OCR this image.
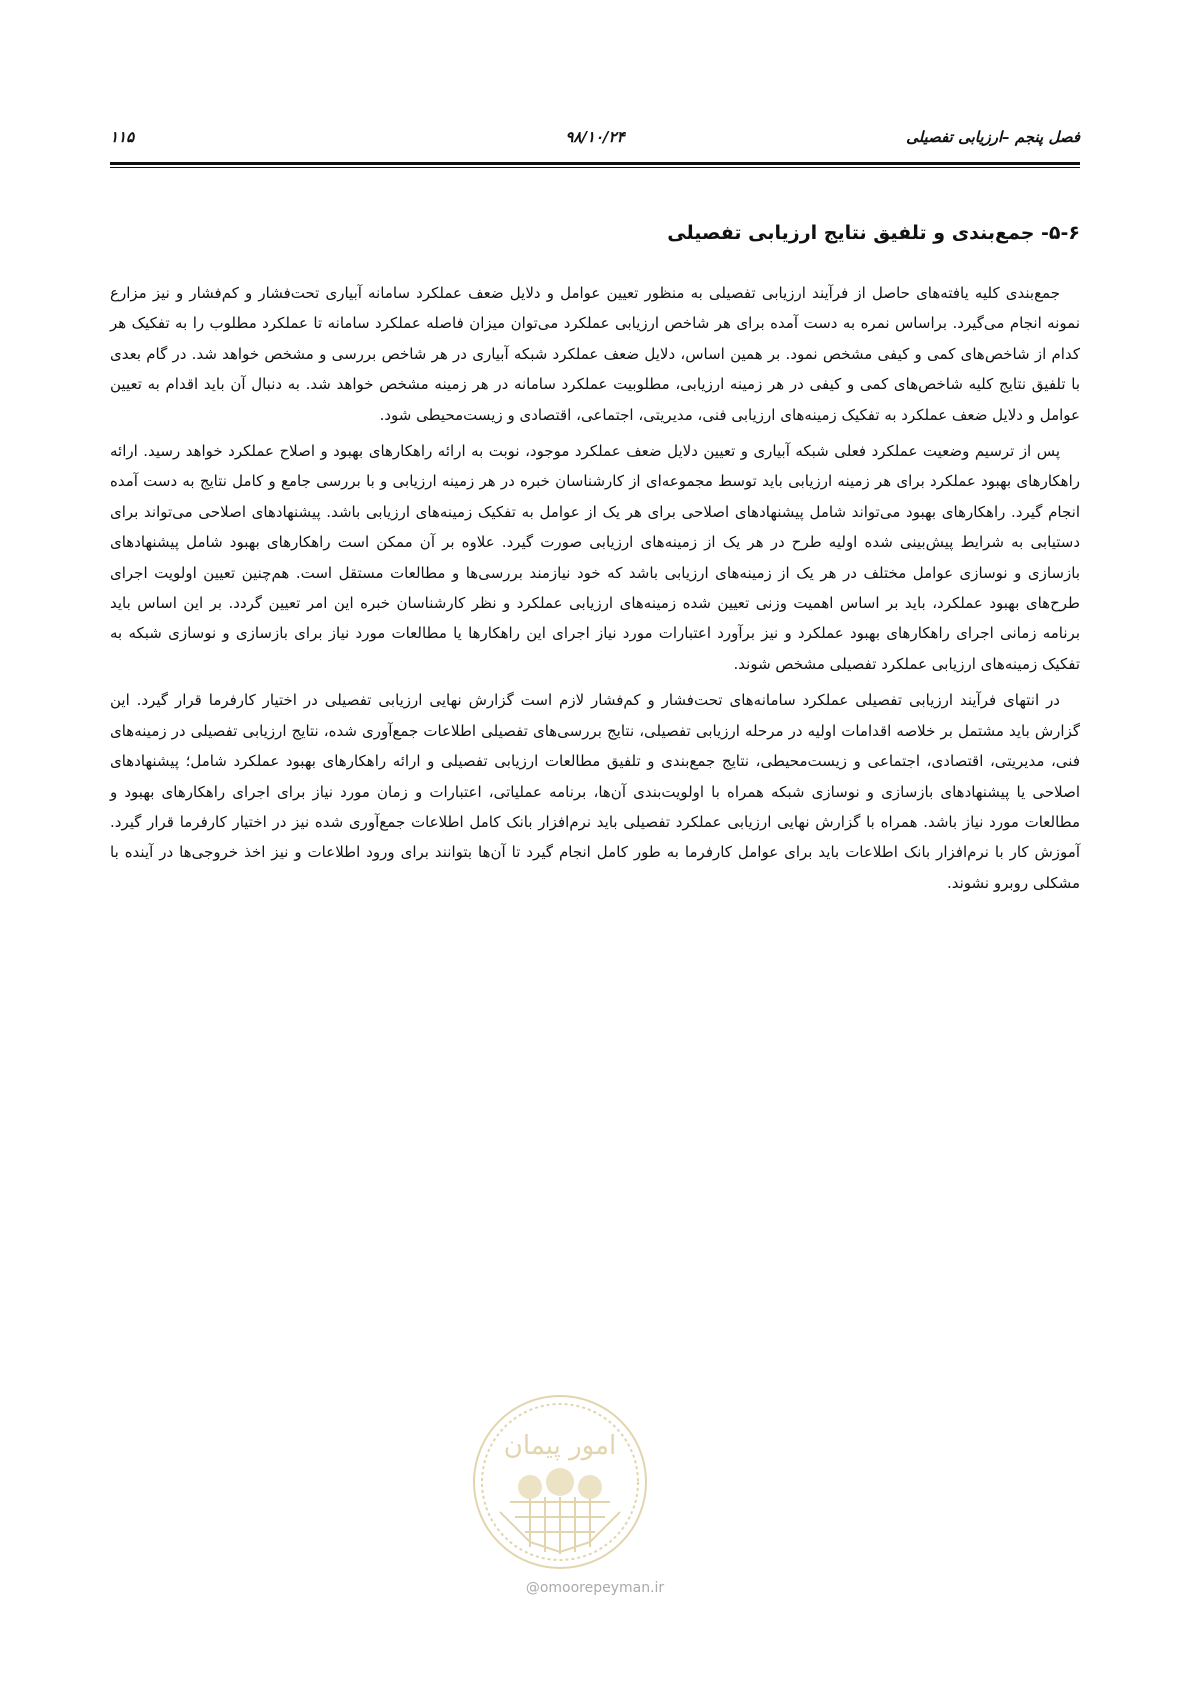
فصل پنجم –ارزیابی تفصیلی
۹۸/۱۰/۲۴
۱۱۵
۵-۶- جمع‌بندی و تلفیق نتایج ارزیابی تفصیلی

جمع‌بندی کلیه یافته‌های حاصل از فرآیند ارزیابی تفصیلی به منظور تعیین عوامل و دلایل ضعف عملکرد سامانه آبیاری تحت‌فشار و کم‌فشار و نیز مزارع نمونه انجام می‌گیرد. براساس نمره به دست آمده برای هر شاخص ارزیابی عملکرد می‌توان میزان فاصله عملکرد سامانه تا عملکرد مطلوب را به تفکیک هر کدام از شاخص‌های کمی و کیفی مشخص نمود. بر همین اساس، دلایل ضعف عملکرد شبکه آبیاری در هر شاخص بررسی و مشخص خواهد شد. در گام بعدی با تلفیق نتایج کلیه شاخص‌های کمی و کیفی در هر زمینه ارزیابی، مطلوبیت عملکرد سامانه در هر زمینه مشخص خواهد شد. به دنبال آن باید اقدام به تعیین عوامل و دلایل ضعف عملکرد به تفکیک زمینه‌های ارزیابی فنی، مدیریتی، اجتماعی، اقتصادی و زیست‌محیطی شود.

پس از ترسیم وضعیت عملکرد فعلی شبکه آبیاری و تعیین دلایل ضعف عملکرد موجود، نوبت به ارائه راهکارهای بهبود و اصلاح عملکرد خواهد رسید. ارائه راهکارهای بهبود عملکرد برای هر زمینه ارزیابی باید توسط مجموعه‌ای از کارشناسان خبره در هر زمینه ارزیابی و با بررسی جامع و کامل نتایج به دست آمده انجام گیرد. راهکارهای بهبود می‌تواند شامل پیشنهادهای اصلاحی برای هر یک از عوامل به تفکیک زمینه‌های ارزیابی باشد. پیشنهادهای اصلاحی می‌تواند برای دستیابی به شرایط پیش‌بینی شده اولیه طرح در هر یک از زمینه‌های ارزیابی صورت گیرد. علاوه بر آن ممکن است راهکارهای بهبود شامل پیشنهادهای بازسازی و نوسازی عوامل مختلف در هر یک از زمینه‌های ارزیابی باشد که خود نیازمند بررسی‌ها و مطالعات مستقل است. هم‌چنین تعیین اولویت اجرای طرح‌های بهبود عملکرد، باید بر اساس اهمیت وزنی تعیین شده زمینه‌های ارزیابی عملکرد و نظر کارشناسان خبره این امر تعیین گردد. بر این اساس باید برنامه زمانی اجرای راهکارهای بهبود عملکرد و نیز برآورد اعتبارات مورد نیاز اجرای این راهکارها یا مطالعات مورد نیاز برای بازسازی و نوسازی شبکه به تفکیک زمینه‌های ارزیابی عملکرد تفصیلی مشخص شوند.

در انتهای فرآیند ارزیابی تفصیلی عملکرد سامانه‌های تحت‌فشار و کم‌فشار لازم است گزارش نهایی ارزیابی تفصیلی در اختیار کارفرما قرار گیرد. این گزارش باید مشتمل بر خلاصه اقدامات اولیه در مرحله ارزیابی تفصیلی، نتایج بررسی‌های تفصیلی اطلاعات جمع‌آوری شده، نتایج ارزیابی تفصیلی در زمینه‌های فنی، مدیریتی، اقتصادی، اجتماعی و زیست‌محیطی، نتایج جمع‌بندی و تلفیق مطالعات ارزیابی تفصیلی و ارائه راهکارهای بهبود عملکرد شامل؛ پیشنهادهای اصلاحی یا پیشنهادهای بازسازی و نوسازی شبکه همراه با اولویت‌بندی آن‌ها، برنامه عملیاتی، اعتبارات و زمان مورد نیاز برای اجرای راهکارهای بهبود و مطالعات مورد نیاز باشد. همراه با گزارش نهایی ارزیابی عملکرد تفصیلی باید نرم‌افزار بانک کامل اطلاعات جمع‌آوری شده نیز در اختیار کارفرما قرار گیرد. آموزش کار با نرم‌افزار بانک اطلاعات باید برای عوامل کارفرما به طور کامل انجام گیرد تا آن‌ها بتوانند برای ورود اطلاعات و نیز اخذ خروجی‌ها در آینده با مشکلی روبرو نشوند.

امور پیمان
@omoorepeyman.ir
